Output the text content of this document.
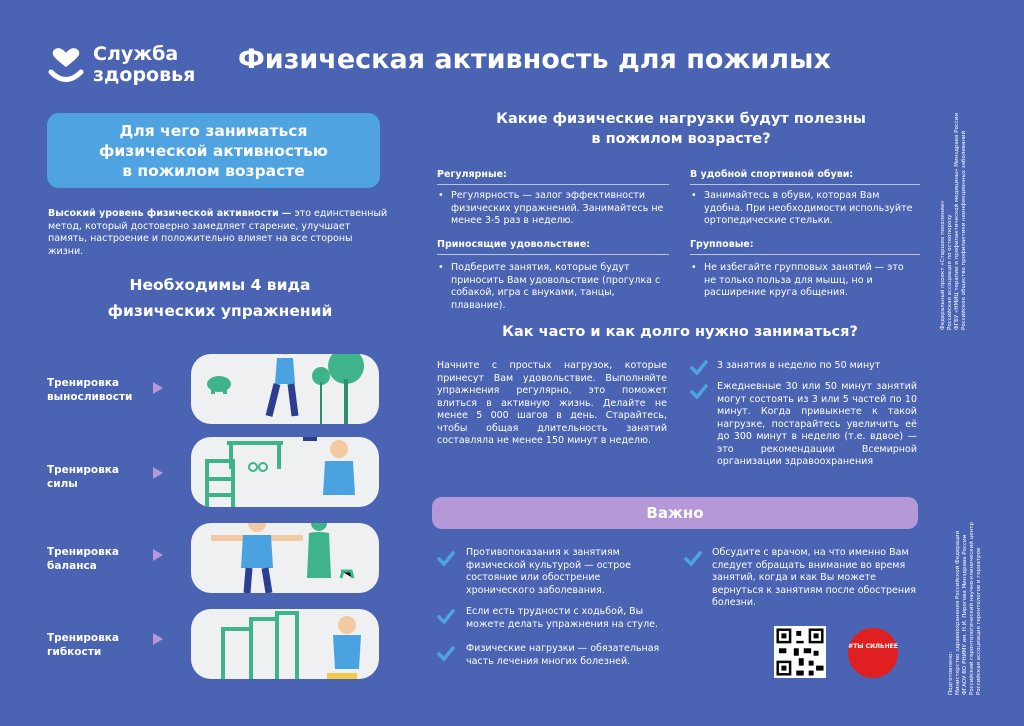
Служба
здоровья Физическая активность для пожилых
Для чего заниматься
физической активностью
в пожилом возрасте
Высокий уровень физической активности — это единственный метод, который достоверно замедляет старение, улучшает память, настроение и положительно влияет на все стороны жизни.
Необходимы 4 вида
физических упражнений
Тренировка
выносливости
Тренировка
силы
Тренировка
баланса
Тренировка
гибкости
Какие физические нагрузки будут полезны
в пожилом возрасте?
Регулярные:
• Регулярность — залог эффективности физических упражнений. Занимайтесь не менее 3-5 раз в неделю.
В удобной спортивной обуви:
• Занимайтесь в обуви, которая Вам удобна. При необходимости используйте ортопедические стельки.
Приносящие удовольствие:
• Подберите занятия, которые будут приносить Вам удовольствие (прогулка с собакой, игра с внуками, танцы, плавание).
Групповые:
• Не избегайте групповых занятий — это не только польза для мышц, но и расширение круга общения.
Как часто и как долго нужно заниматься?
Начните с простых нагрузок, которые принесут Вам удовольствие. Выполняйте упражнения регулярно, это поможет влиться в активную жизнь. Делайте не менее 5 000 шагов в день. Старайтесь, чтобы общая длительность занятий составляла не менее 150 минут в неделю.
3 занятия в неделю по 50 минут
Ежедневные 30 или 50 минут занятий могут состоять из 3 или 5 частей по 10 минут. Когда привыкнете к такой нагрузке, постарайтесь увеличить её до 300 минут в неделю (т.е. вдвое) — это рекомендации Всемирной организации здравоохранения
Важно
Противопоказания к занятиям физической культурой — острое состояние или обострение хронического заболевания.
Если есть трудности с ходьбой, Вы можете делать упражнения на стуле.
Физические нагрузки — обязательная часть лечения многих болезней.
Обсудите с врачом, на что именно Вам следует обращать внимание во время занятий, когда и как Вы можете вернуться к занятиям после обострения болезни.
#ТЫ СИЛЬНЕЕ
Федеральный проект «Старшее поколение» Российская ассоциация по остеопорозу ФГБУ «НМИЦ терапии и профилактической медицины» Минздрава России Российское общество профилактики неинфекционных заболеваний
Подготовлено: Министерство здравоохранения Российской Федерации ФГАОУ ВО РНИМУ им. Н.И. Пирогова Минздрава России Российский геронтологический научно-клинический центр Российская ассоциация геронтологов и гериатров
